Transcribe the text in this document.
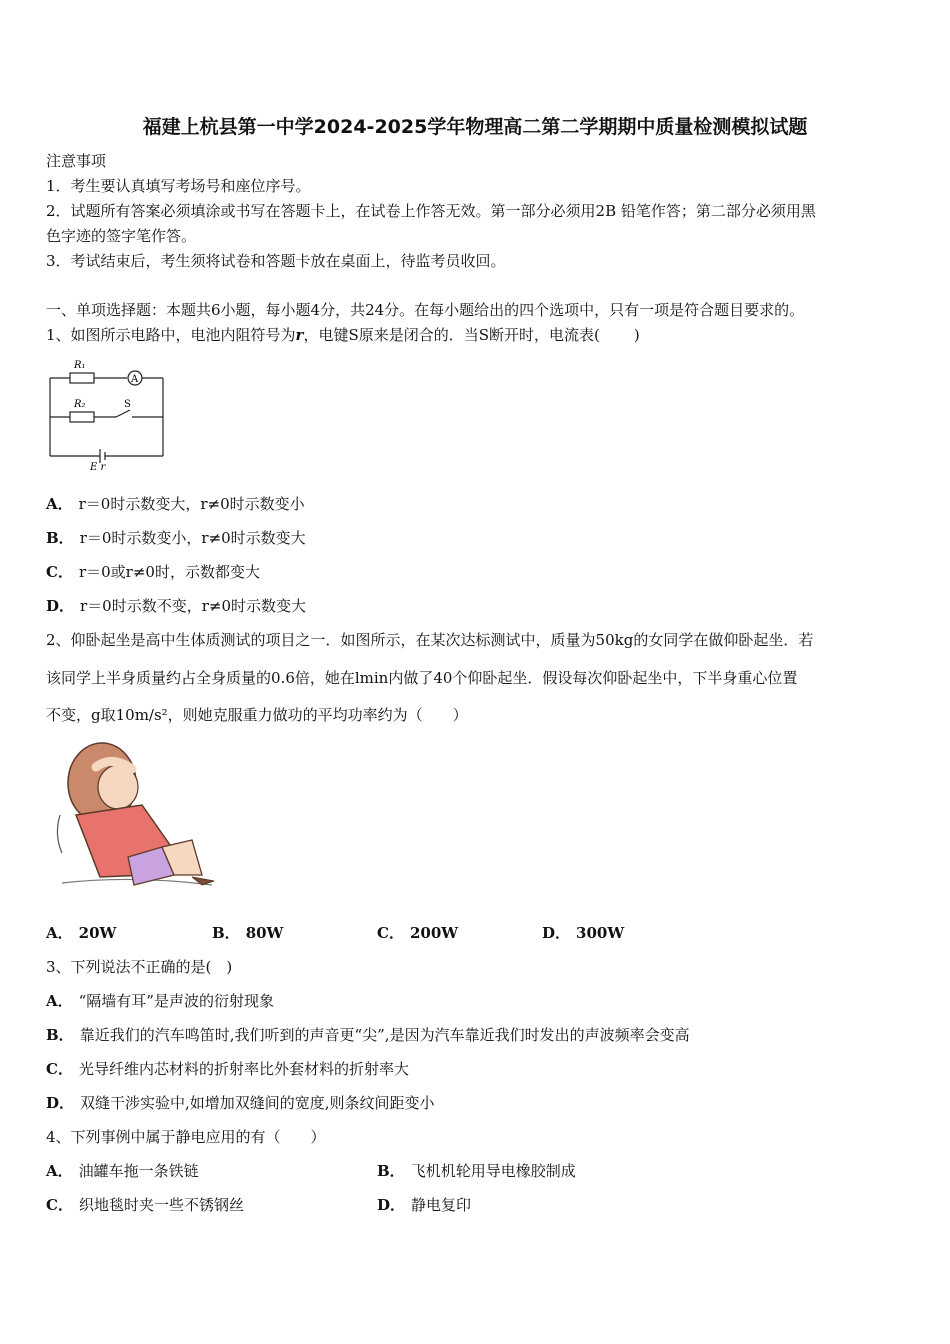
福建上杭县第一中学2024-2025学年物理高二第二学期期中质量检测模拟试题
注意事项
1．考生要认真填写考场号和座位序号。
2．试题所有答案必须填涂或书写在答题卡上，在试卷上作答无效。第一部分必须用2B 铅笔作答；第二部分必须用黑
色字迹的签字笔作答。
3．考试结束后，考生须将试卷和答题卡放在桌面上，待监考员收回。
一、单项选择题：本题共6小题，每小题4分，共24分。在每小题给出的四个选项中，只有一项是符合题目要求的。
1、如图所示电路中，电池内阻符号为r，电键S原来是闭合的．当S断开时，电流表( )
R₁
A
R₂	S
E r
A． r＝0时示数变大，r≠0时示数变小
B． r＝0时示数变小，r≠0时示数变大
C． r＝0或r≠0时，示数都变大
D． r＝0时示数不变，r≠0时示数变大
2、仰卧起坐是高中生体质测试的项目之一．如图所示，在某次达标测试中，质量为50kg的女同学在做仰卧起坐．若
该同学上半身质量约占全身质量的0.6倍，她在lmin内做了40个仰卧起坐．假设每次仰卧起坐中，下半身重心位置
不变，g取10m/s²，则她克服重力做功的平均功率约为（　　）
A． 20W	B． 80W	C． 200W	D． 300W
3、下列说法不正确的是(　)
A． “隔墙有耳”是声波的衍射现象
B． 靠近我们的汽车鸣笛时,我们听到的声音更“尖”,是因为汽车靠近我们时发出的声波频率会变高
C． 光导纤维内芯材料的折射率比外套材料的折射率大
D． 双缝干涉实验中,如增加双缝间的宽度,则条纹间距变小
4、下列事例中属于静电应用的有（　　）
A． 油罐车拖一条铁链	B． 飞机机轮用导电橡胶制成
C． 织地毯时夹一些不锈钢丝	D． 静电复印
